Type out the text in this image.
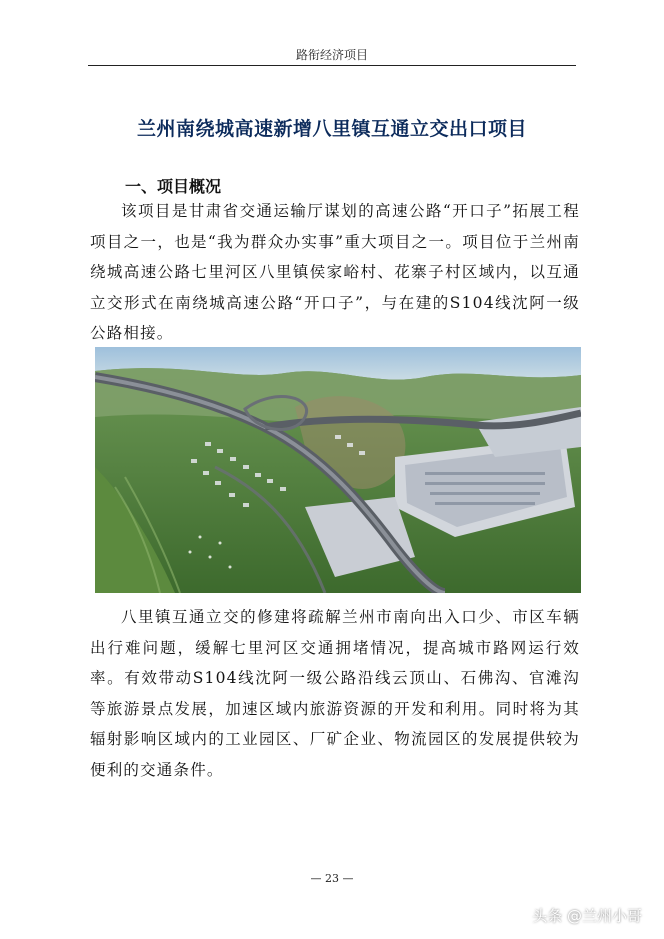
路衔经济项目
兰州南绕城高速新增八里镇互通立交出口项目
一、项目概况

该项目是甘肃省交通运输厅谋划的高速公路“开口子”拓展工程项目之一，也是“我为群众办实事”重大项目之一。项目位于兰州南绕城高速公路七里河区八里镇侯家峪村、花寨子村区域内，以互通立交形式在南绕城高速公路“开口子”，与在建的S104线沈阿一级公路相接。

八里镇互通立交的修建将疏解兰州市南向出入口少、市区车辆出行难问题，缓解七里河区交通拥堵情况，提高城市路网运行效率。有效带动S104线沈阿一级公路沿线云顶山、石佛沟、官滩沟等旅游景点发展，加速区域内旅游资源的开发和利用。同时将为其辐射影响区域内的工业园区、厂矿企业、物流园区的发展提供较为便利的交通条件。

— 23 —
头条 @兰州小哥
